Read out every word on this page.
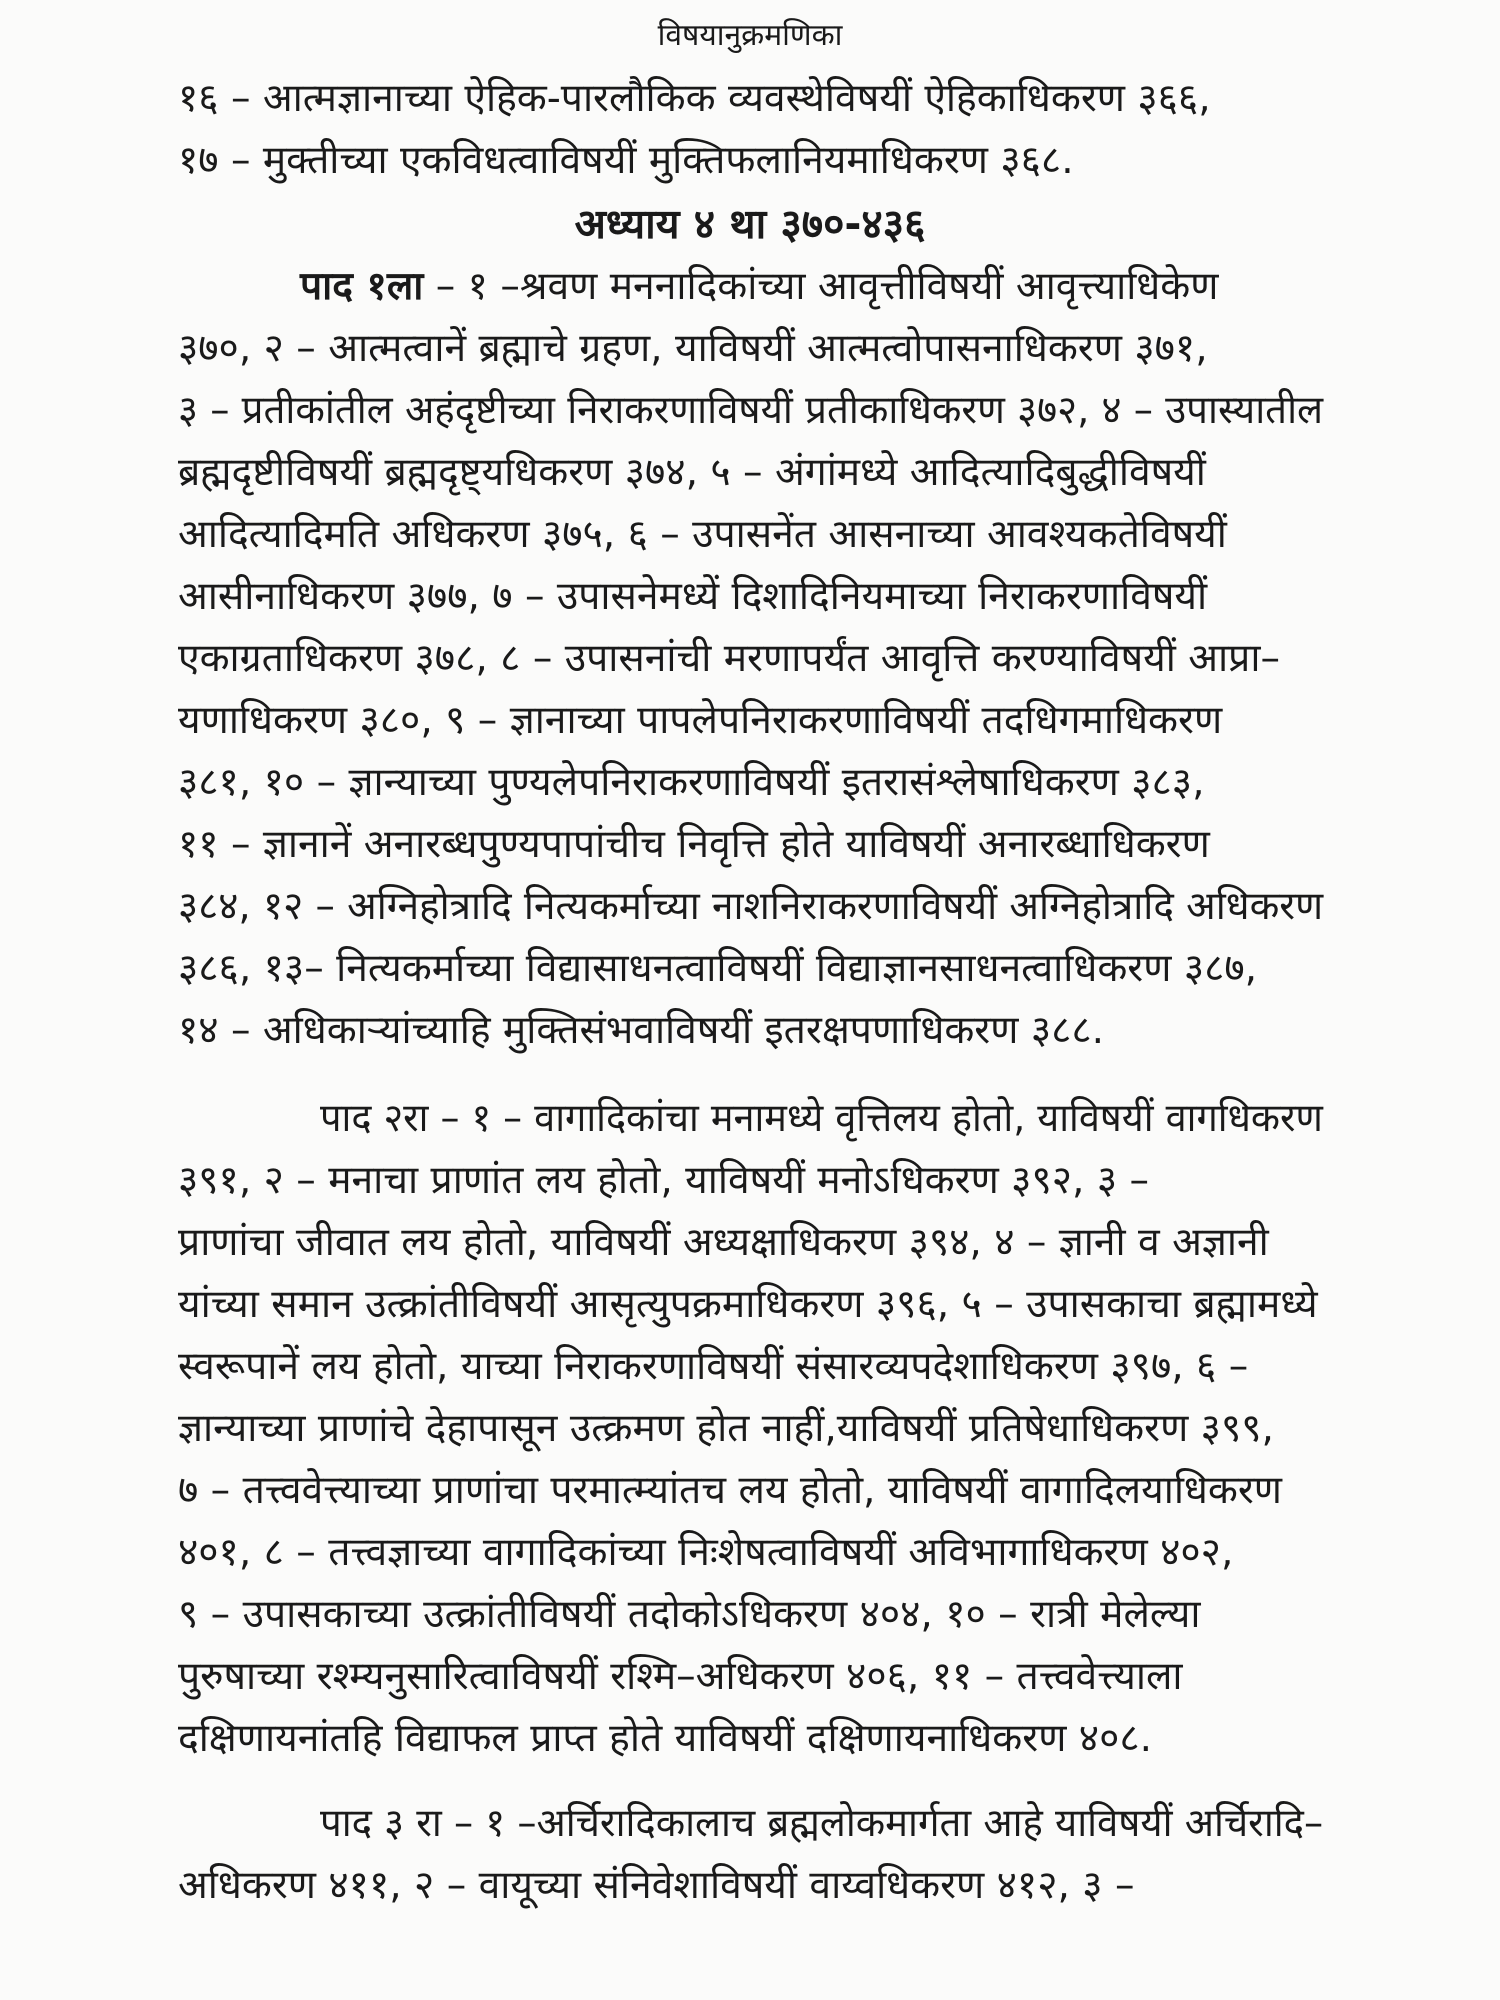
विषयानुक्रमणिका
१६ – आत्मज्ञानाच्या ऐहिक-पारलौकिक व्यवस्थेविषयीं ऐहिकाधिकरण ३६६,
१७ – मुक्तीच्या एकविधत्वाविषयीं मुक्तिफलानियमाधिकरण ३६८.
अध्याय ४ था ३७०-४३६
पाद १ला – १ –श्रवण मननादिकांच्या आवृत्तीविषयीं आवृत्त्याधिकेण
३७०, २ – आत्मत्वानें ब्रह्माचे ग्रहण, याविषयीं आत्मत्वोपासनाधिकरण ३७१,
३ – प्रतीकांतील अहंदृष्टीच्या निराकरणाविषयीं प्रतीकाधिकरण ३७२, ४ – उपास्यातील
ब्रह्मदृष्टीविषयीं ब्रह्मदृष्ट्यधिकरण ३७४, ५ – अंगांमध्ये आदित्यादिबुद्धीविषयीं
आदित्यादिमति अधिकरण ३७५, ६ – उपासनेंत आसनाच्या आवश्यकतेविषयीं
आसीनाधिकरण ३७७, ७ – उपासनेमध्यें दिशादिनियमाच्या निराकरणाविषयीं
एकाग्रताधिकरण ३७८, ८ – उपासनांची मरणापर्यंत आवृत्ति करण्याविषयीं आप्रा–
यणाधिकरण ३८०, ९ – ज्ञानाच्या पापलेपनिराकरणाविषयीं तदधिगमाधिकरण
३८१, १० – ज्ञान्याच्या पुण्यलेपनिराकरणाविषयीं इतरासंश्लेषाधिकरण ३८३,
११ – ज्ञानानें अनारब्धपुण्यपापांचीच निवृत्ति होते याविषयीं अनारब्धाधिकरण
३८४, १२ – अग्निहोत्रादि नित्यकर्माच्या नाशनिराकरणाविषयीं अग्निहोत्रादि अधिकरण
३८६, १३– नित्यकर्माच्या विद्यासाधनत्वाविषयीं विद्याज्ञानसाधनत्वाधिकरण ३८७,
१४ – अधिकाऱ्यांच्याहि मुक्तिसंभवाविषयीं इतरक्षपणाधिकरण ३८८.
पाद २रा – १ – वागादिकांचा मनामध्ये वृत्तिलय होतो, याविषयीं वागधिकरण
३९१, २ – मनाचा प्राणांत लय होतो, याविषयीं मनोऽधिकरण ३९२, ३ –
प्राणांचा जीवात लय होतो, याविषयीं अध्यक्षाधिकरण ३९४, ४ – ज्ञानी व अज्ञानी
यांच्या समान उत्क्रांतीविषयीं आसृत्युपक्रमाधिकरण ३९६, ५ – उपासकाचा ब्रह्मामध्ये
स्वरूपानें लय होतो, याच्या निराकरणाविषयीं संसारव्यपदेशाधिकरण ३९७, ६ –
ज्ञान्याच्या प्राणांचे देहापासून उत्क्रमण होत नाहीं,याविषयीं प्रतिषेधाधिकरण ३९९,
७ – तत्त्ववेत्त्याच्या प्राणांचा परमात्म्यांतच लय होतो, याविषयीं वागादिलयाधिकरण
४०१, ८ – तत्त्वज्ञाच्या वागादिकांच्या निःशेषत्वाविषयीं अविभागाधिकरण ४०२,
९ – उपासकाच्या उत्क्रांतीविषयीं तदोकोऽधिकरण ४०४, १० – रात्री मेलेल्या
पुरुषाच्या रश्म्यनुसारित्वाविषयीं रश्मि–अधिकरण ४०६, ११ – तत्त्ववेत्त्याला
दक्षिणायनांतहि विद्याफल प्राप्त होते याविषयीं दक्षिणायनाधिकरण ४०८.
पाद ३ रा – १ –अर्चिरादिकालाच ब्रह्मलोकमार्गता आहे याविषयीं अर्चिरादि–
अधिकरण ४११, २ – वायूच्या संनिवेशाविषयीं वाय्वधिकरण ४१२, ३ –
